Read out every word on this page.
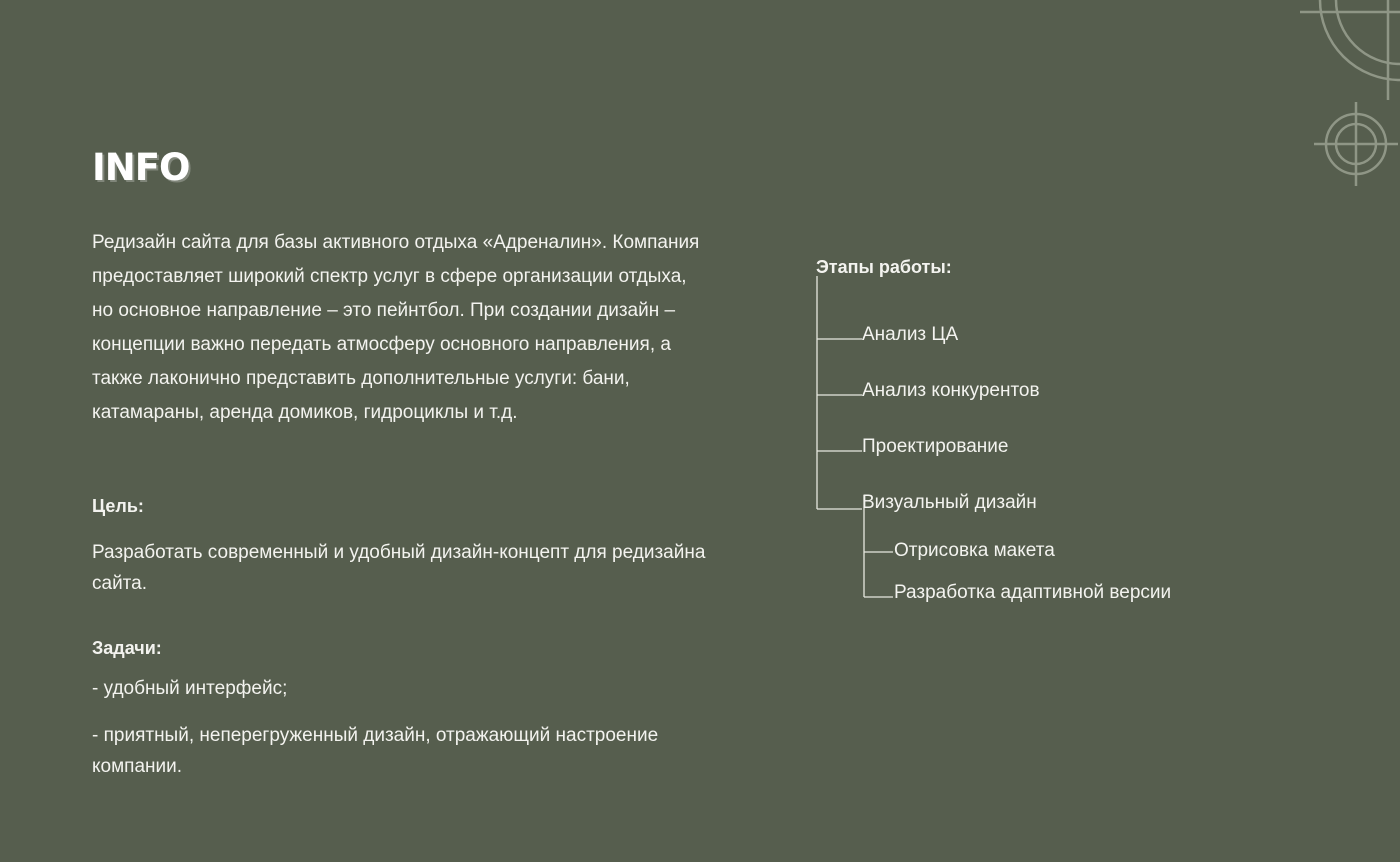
INFO

Редизайн сайта для базы активного отдыха «Адреналин». Компания предоставляет широкий спектр услуг в сфере организации отдыха, но основное направление – это пейнтбол. При создании дизайн – концепции важно передать атмосферу основного направления, а также лаконично представить дополнительные услуги: бани, катамараны, аренда домиков, гидроциклы и т.д.

Цель:

Разработать современный и удобный дизайн-концепт для редизайна сайта.

Задачи:

- удобный интерфейс;

- приятный, неперегруженный дизайн, отражающий настроение компании.

Этапы работы:

Анализ ЦА

Анализ конкурентов

Проектирование

Визуальный дизайн

Отрисовка макета

Разработка адаптивной версии
